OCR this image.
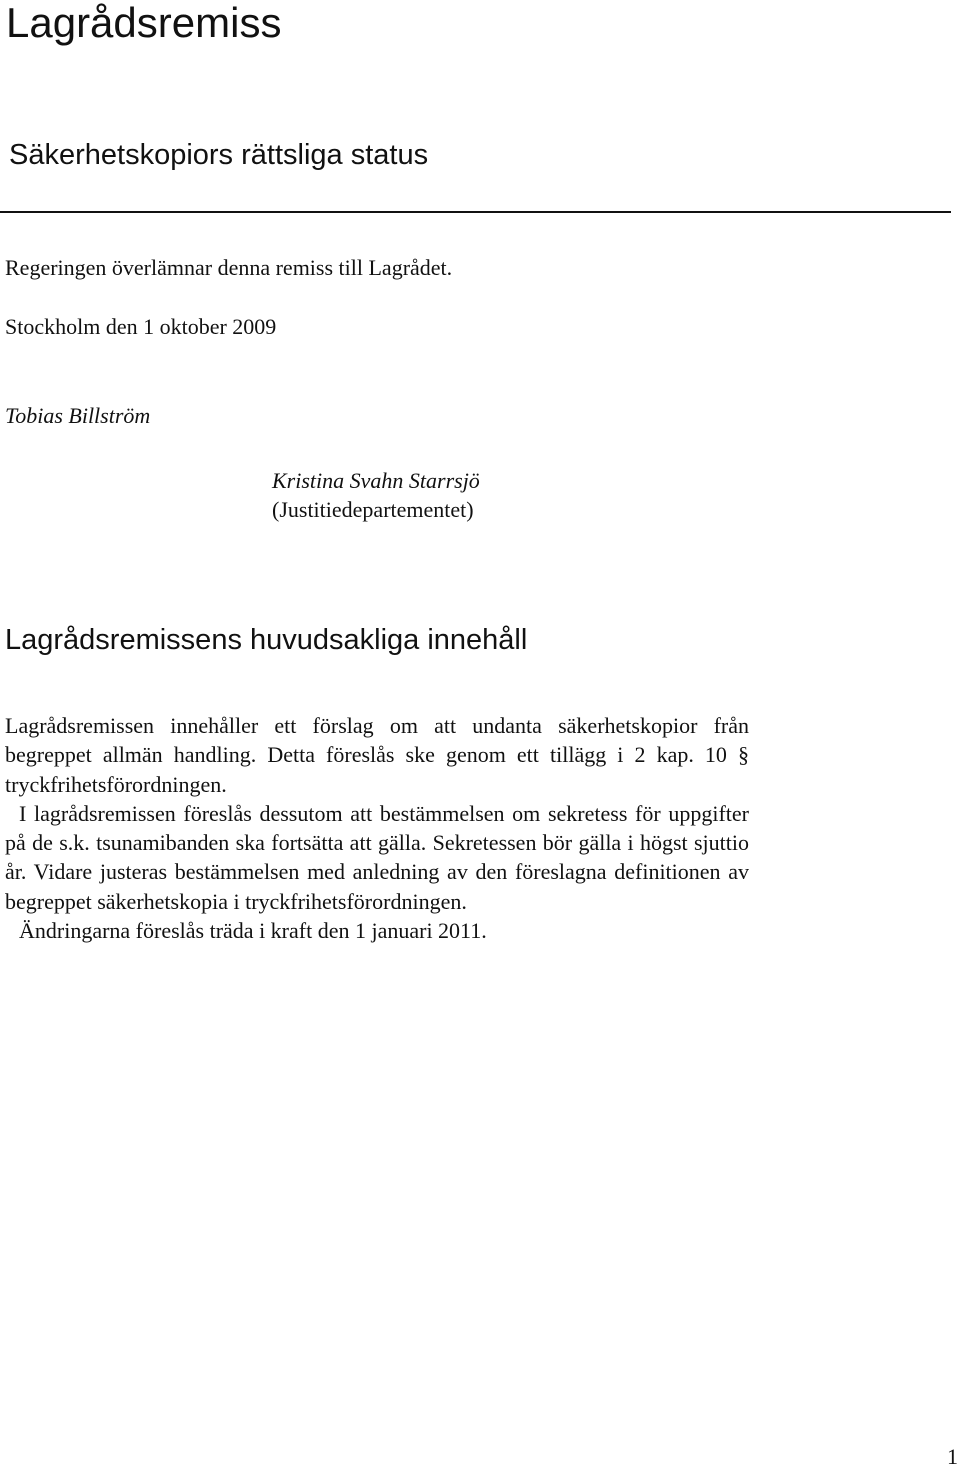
Lagrådsremiss
Säkerhetskopiors rättsliga status
Regeringen överlämnar denna remiss till Lagrådet.
Stockholm den 1 oktober 2009
Tobias Billström
Kristina Svahn Starrsjö
(Justitiedepartementet)
Lagrådsremissens huvudsakliga innehåll

Lagrådsremissen innehåller ett förslag om att undanta säkerhetskopior från begreppet allmän handling. Detta föreslås ske genom ett tillägg i 2 kap. 10 § tryckfrihetsförordningen.

I lagrådsremissen föreslås dessutom att bestämmelsen om sekretess för uppgifter på de s.k. tsunamibanden ska fortsätta att gälla. Sekretessen bör gälla i högst sjuttio år. Vidare justeras bestämmelsen med anledning av den föreslagna definitionen av begreppet säkerhetskopia i tryckfrihetsförordningen.

Ändringarna föreslås träda i kraft den 1 januari 2011.

1
